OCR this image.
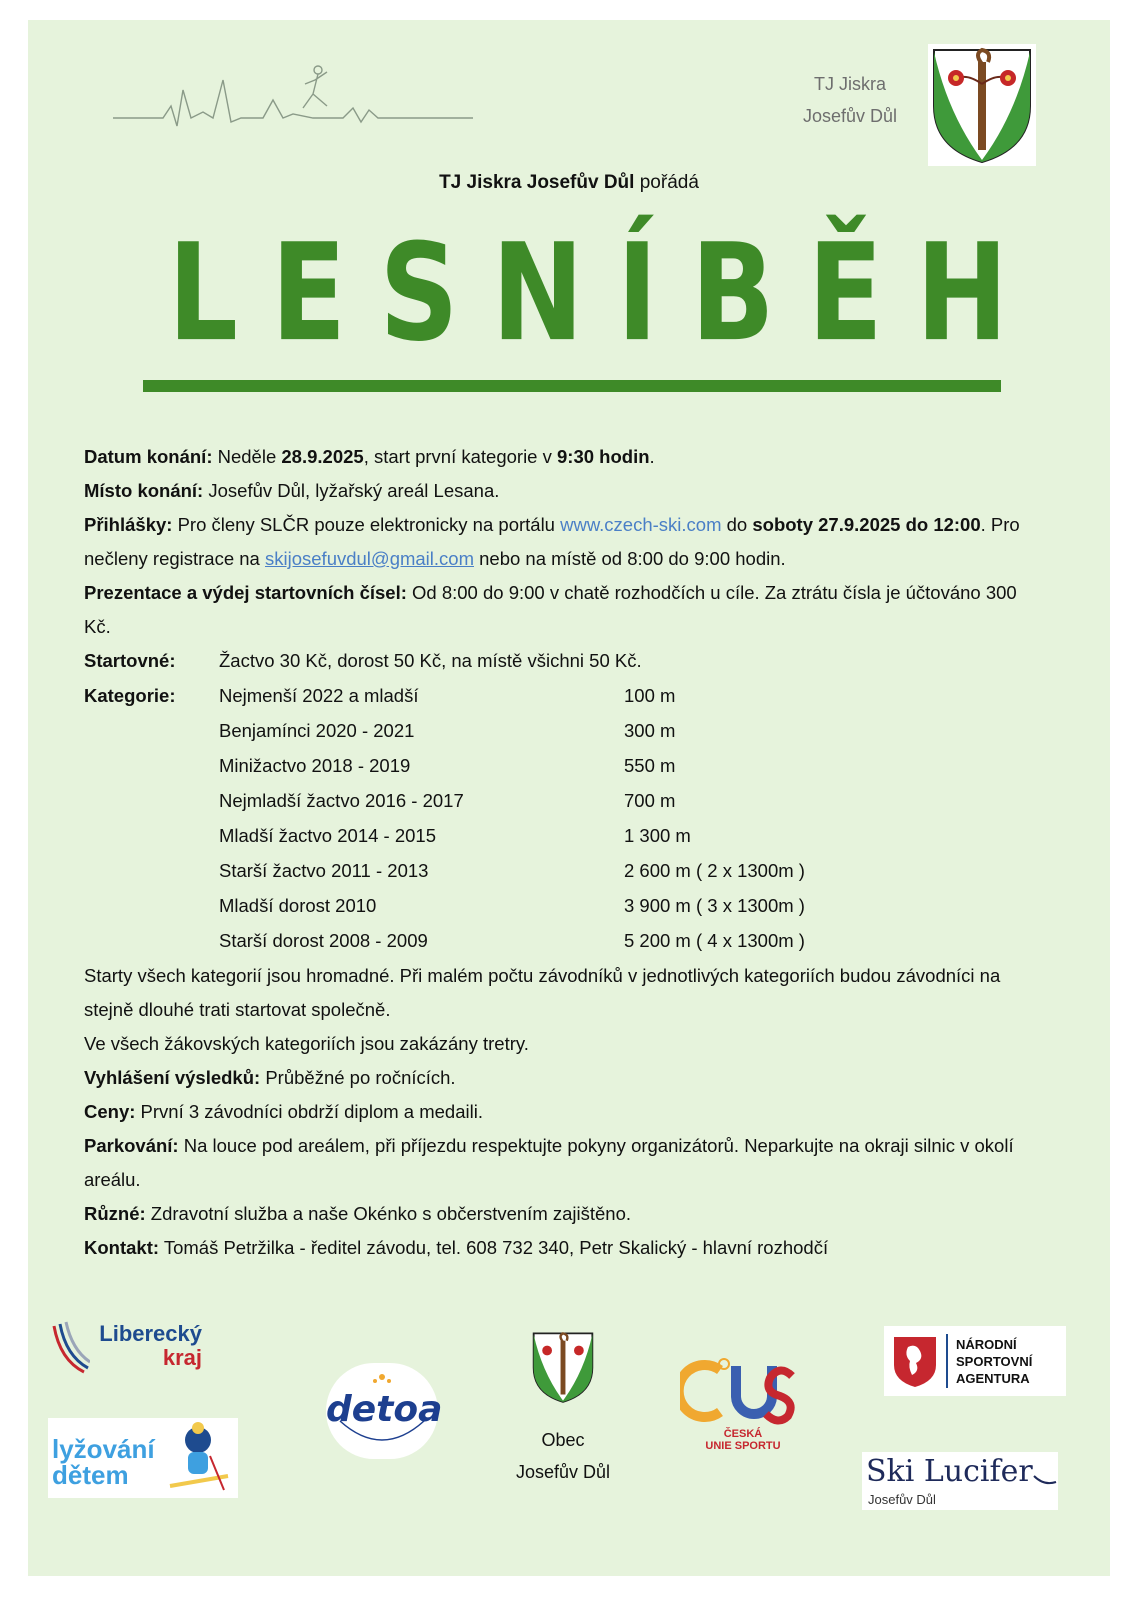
TJ Jiskra
Josefův Důl
TJ Jiskra Josefův Důl pořádá
L E S N Í B Ě H

Datum konání: Neděle 28.9.2025, start první kategorie v 9:30 hodin.

Místo konání: Josefův Důl, lyžařský areál Lesana.

Přihlášky: Pro členy SLČR pouze elektronicky na portálu www.czech-ski.com do soboty 27.9.2025 do 12:00. Pro nečleny registrace na skijosefuvdul@gmail.com nebo na místě od 8:00 do 9:00 hodin.

Prezentace a výdej startovních čísel: Od 8:00 do 9:00 v chatě rozhodčích u cíle. Za ztrátu čísla je účtováno 300 Kč.

Startovné:	Žactvo 30 Kč, dorost 50 Kč, na místě všichni 50 Kč.
Kategorie:	Nejmenší 2022 a mladší	100 m
Benjamínci 2020 - 2021	300 m
Minižactvo 2018 - 2019	550 m
Nejmladší žactvo 2016 - 2017	700 m
Mladší žactvo 2014 - 2015	1 300 m
Starší žactvo 2011 - 2013	2 600 m ( 2 x 1300m )
Mladší dorost 2010	3 900 m ( 3 x 1300m )
Starší dorost 2008 - 2009	5 200 m ( 4 x 1300m )

Starty všech kategorií jsou hromadné. Při malém počtu závodníků v jednotlivých kategoriích budou závodníci na stejně dlouhé trati startovat společně.

Ve všech žákovských kategoriích jsou zakázány tretry.

Vyhlášení výsledků: Průběžné po ročnících.

Ceny: První 3 závodníci obdrží diplom a medaili.

Parkování: Na louce pod areálem, při příjezdu respektujte pokyny organizátorů. Neparkujte na okraji silnic v okolí areálu.

Různé: Zdravotní služba a naše Okénko s občerstvením zajištěno.

Kontakt: Tomáš Petržilka - ředitel závodu, tel. 608 732 340, Petr Skalický - hlavní rozhodčí

Liberecký
kraj
lyžování
dětem
detoa
Obec
Josefův Důl
ČESKÁ
UNIE SPORTU
NÁRODNÍ
SPORTOVNÍ
AGENTURA
Ski Lucifer
Josefův Důl
